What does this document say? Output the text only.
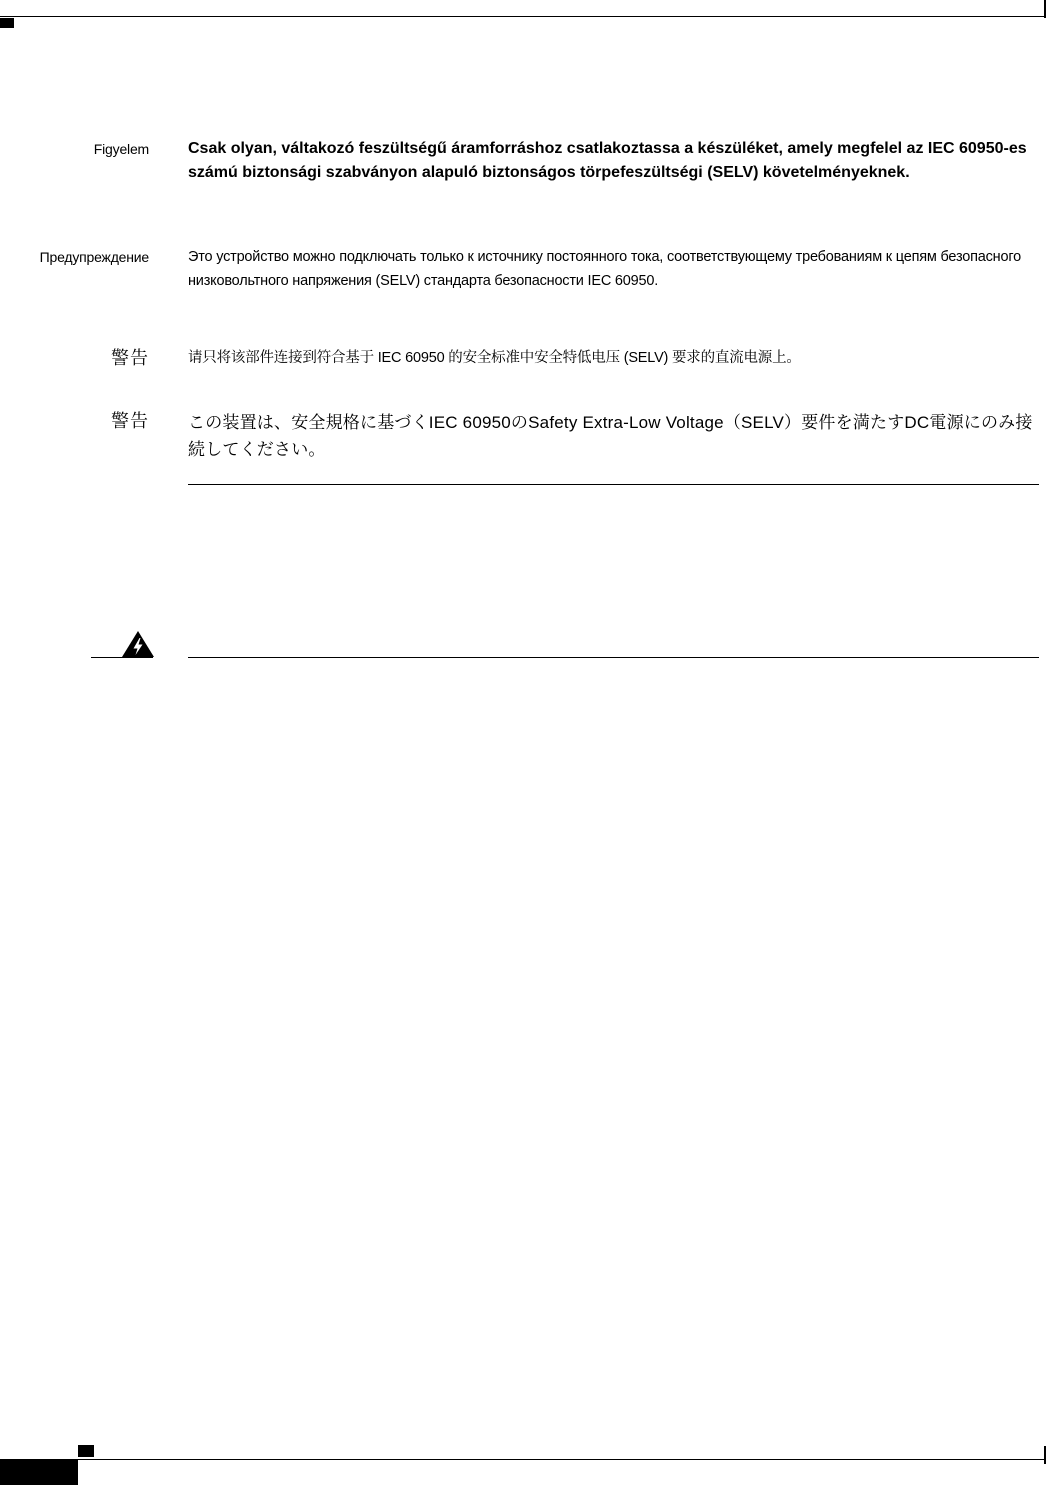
Figyelem Csak olyan, váltakozó feszültségű áramforráshoz csatlakoztassa a készüléket, amely megfelel az IEC 60950-es számú biztonsági szabványon alapuló biztonságos törpefeszültségi (SELV) követelményeknek.
Предупреждение	Это устройство можно подключать только к источнику постоянного тока, соответствующему требованиям к цепям безопасного низковольтного напряжения (SELV) стандарта безопасности IEC 60950.
警告	请只将该部件连接到符合基于 IEC 60950 的安全标准中安全特低电压 (SELV) 要求的直流电源上。
警告 この装置は、安全規格に基づくIEC 60950のSafety Extra-Low Voltage（SELV）要件を満たすDC電源にのみ接続してください。
